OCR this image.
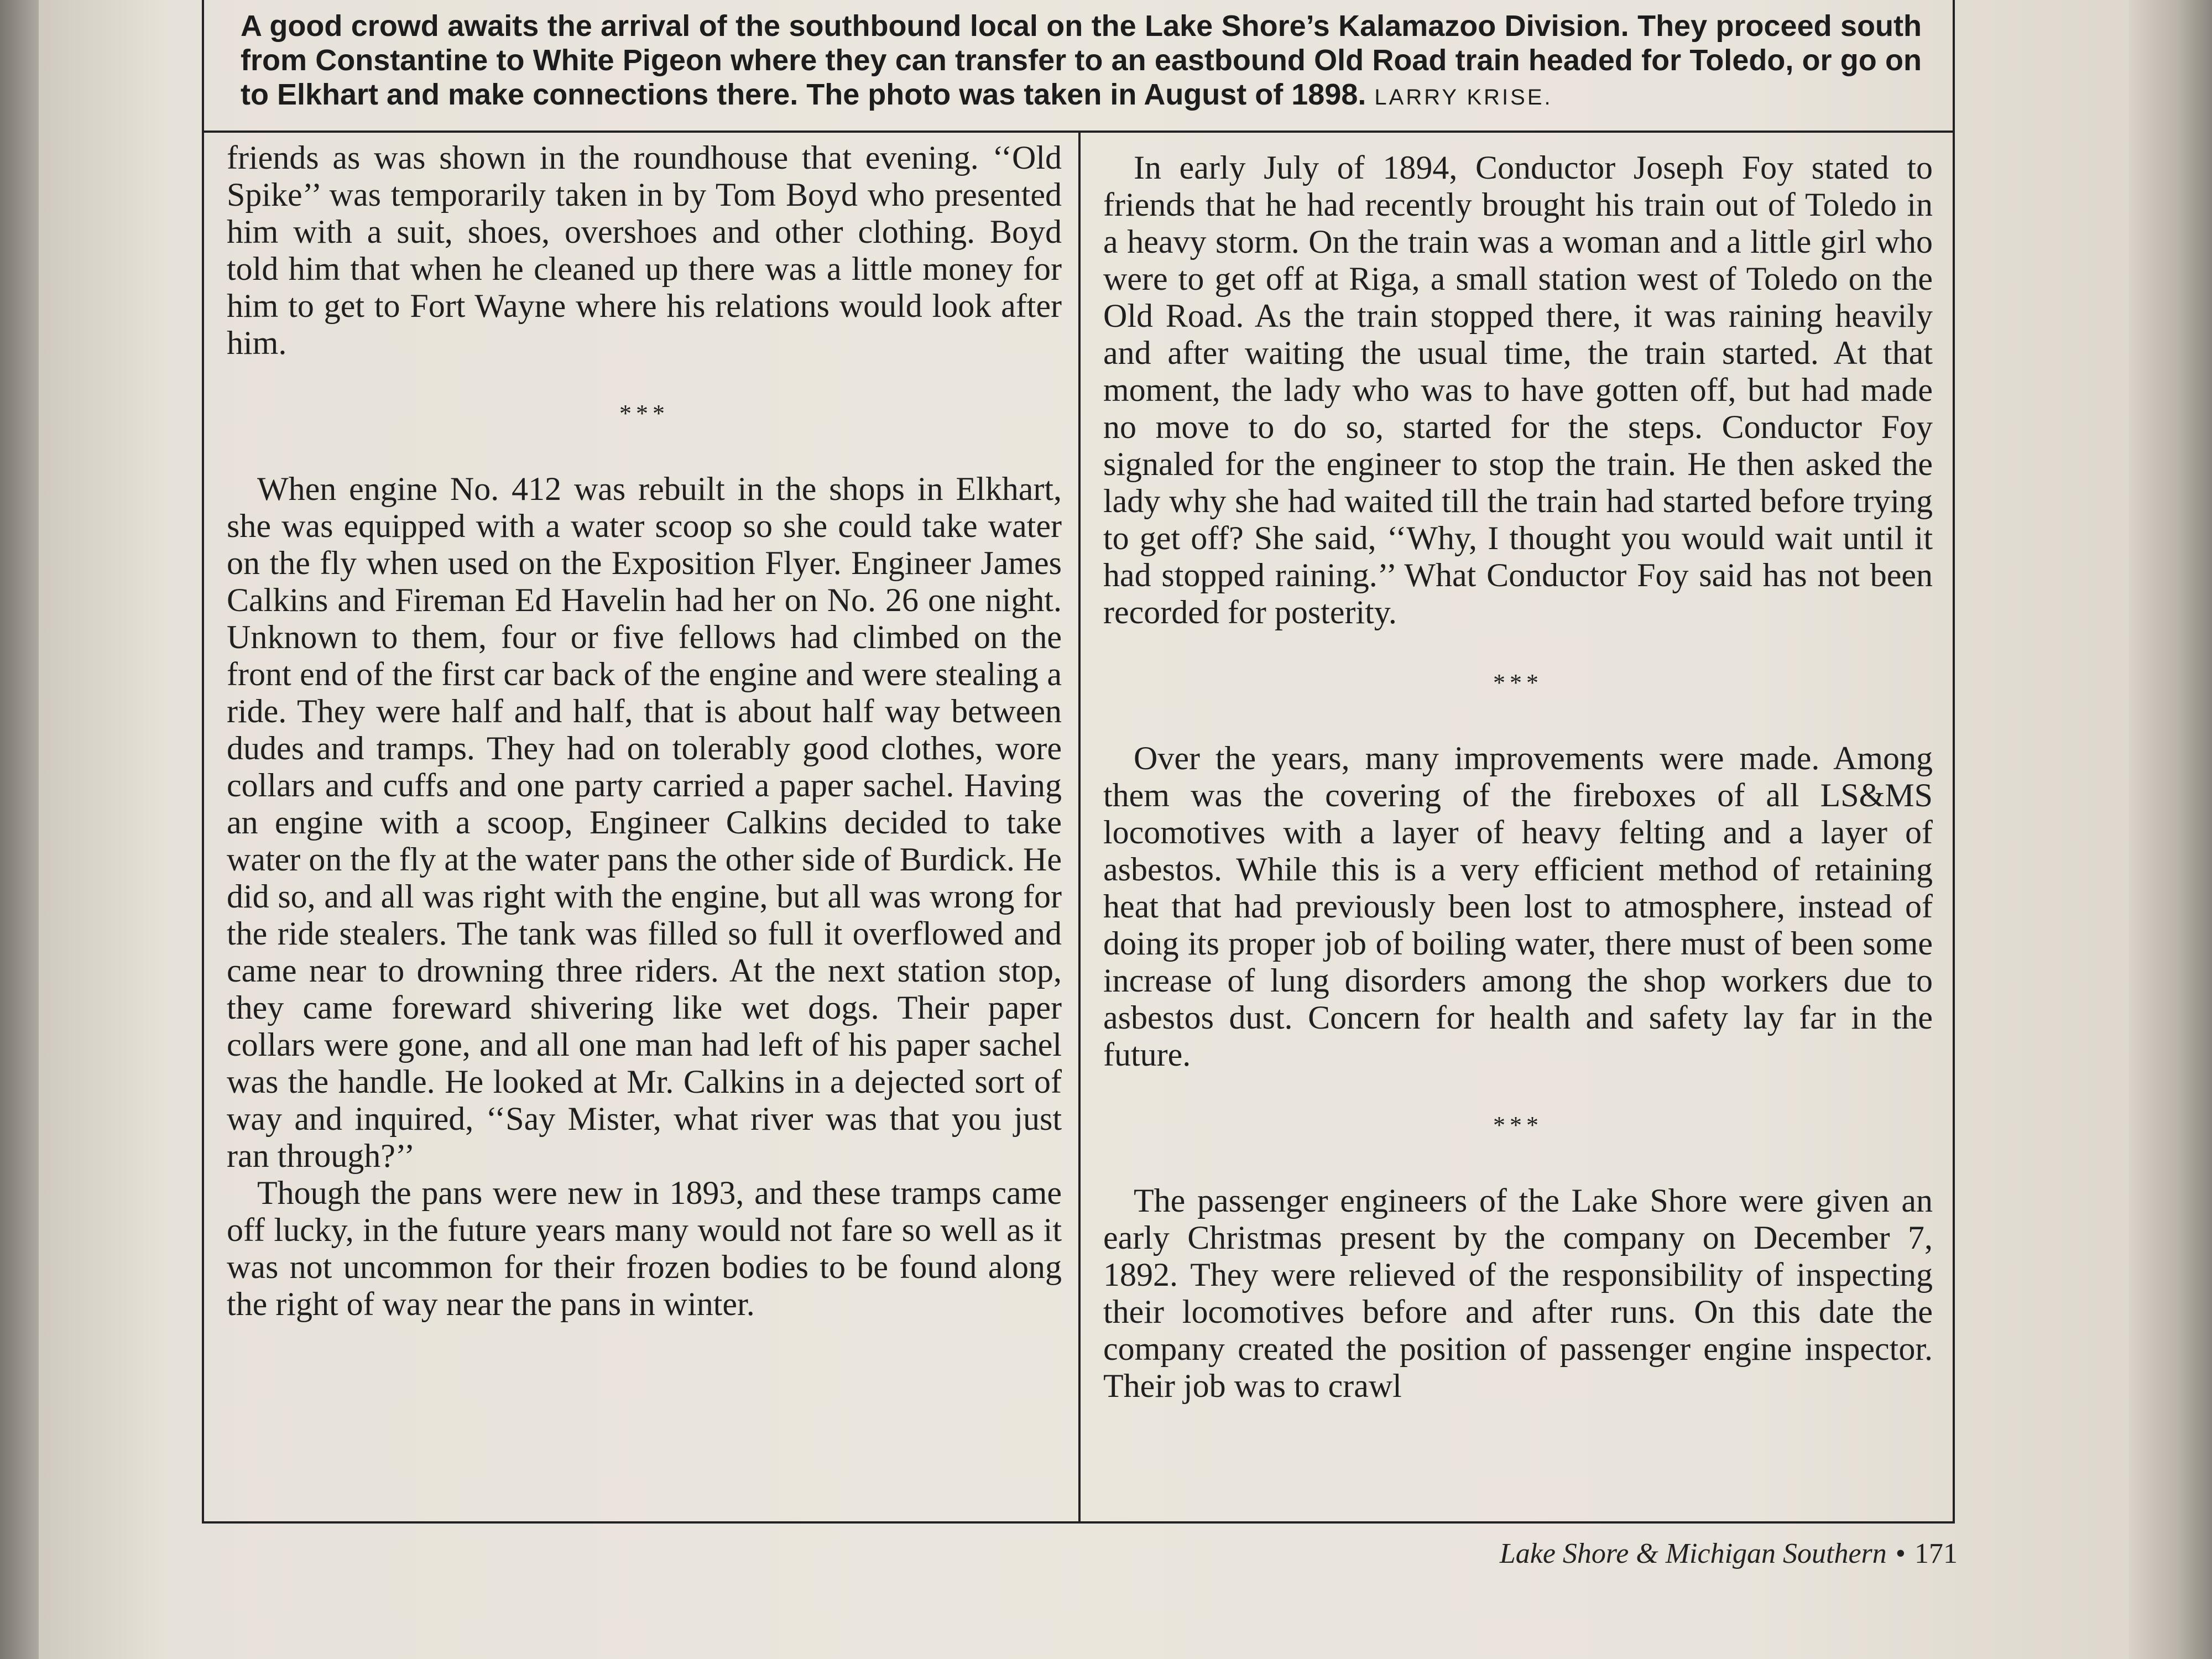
A good crowd awaits the arrival of the southbound local on the Lake Shore’s Kalamazoo Division. They proceed south from Constantine to White Pigeon where they can transfer to an eastbound Old Road train headed for Toledo, or go on to Elkhart and make connections there. The photo was taken in August of 1898. LARRY KRISE.

friends as was shown in the roundhouse that evening. ‘‘Old Spike’’ was temporarily taken in by Tom Boyd who presented him with a suit, shoes, overshoes and other clothing. Boyd told him that when he cleaned up there was a little money for him to get to Fort Wayne where his relations would look after him.

***

When engine No. 412 was rebuilt in the shops in Elkhart, she was equipped with a water scoop so she could take water on the fly when used on the Exposition Flyer. Engineer James Calkins and Fireman Ed Havelin had her on No. 26 one night. Unknown to them, four or five fellows had climbed on the front end of the first car back of the engine and were stealing a ride. They were half and half, that is about half way between dudes and tramps. They had on tolerably good clothes, wore collars and cuffs and one party carried a paper sachel. Having an engine with a scoop, Engineer Calkins decided to take water on the fly at the water pans the other side of Burdick. He did so, and all was right with the engine, but all was wrong for the ride stealers. The tank was filled so full it overflowed and came near to drowning three riders. At the next station stop, they came foreward shivering like wet dogs. Their paper collars were gone, and all one man had left of his paper sachel was the handle. He looked at Mr. Calkins in a dejected sort of way and inquired, ‘‘Say Mister, what river was that you just ran through?’’

Though the pans were new in 1893, and these tramps came off lucky, in the future years many would not fare so well as it was not uncommon for their frozen bodies to be found along the right of way near the pans in winter.

In early July of 1894, Conductor Joseph Foy stated to friends that he had recently brought his train out of Toledo in a heavy storm. On the train was a woman and a little girl who were to get off at Riga, a small station west of Toledo on the Old Road. As the train stopped there, it was raining heavily and after waiting the usual time, the train started. At that moment, the lady who was to have gotten off, but had made no move to do so, started for the steps. Conductor Foy signaled for the engineer to stop the train. He then asked the lady why she had waited till the train had started before trying to get off? She said, ‘‘Why, I thought you would wait until it had stopped raining.’’ What Conductor Foy said has not been recorded for posterity.

***

Over the years, many improvements were made. Among them was the covering of the fireboxes of all LS&MS locomotives with a layer of heavy felting and a layer of asbestos. While this is a very efficient method of retaining heat that had previously been lost to atmosphere, instead of doing its proper job of boiling water, there must of been some increase of lung disorders among the shop workers due to asbestos dust. Concern for health and safety lay far in the future.

***

The passenger engineers of the Lake Shore were given an early Christmas present by the company on December 7, 1892. They were relieved of the responsibility of inspecting their locomotives before and after runs. On this date the company created the position of passenger engine inspector. Their job was to crawl

Lake Shore & Michigan Southern • 171
